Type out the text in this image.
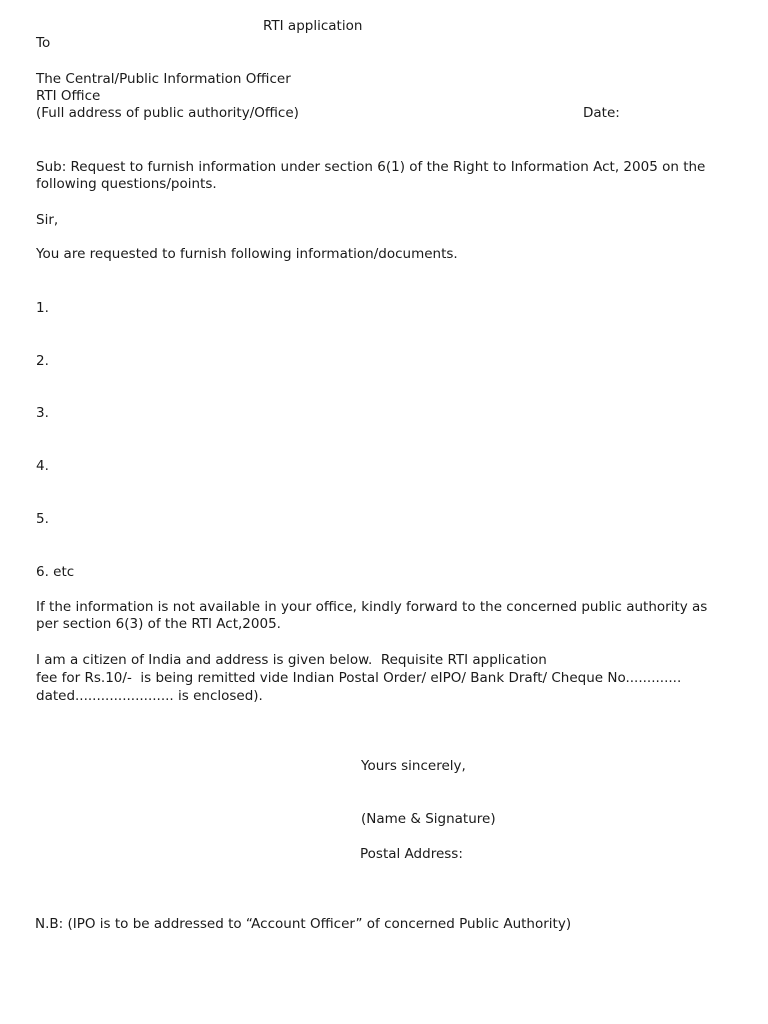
RTI application
To
The Central/Public Information Officer
RTI Office
(Full address of public authority/Office)	Date:
Sub: Request to furnish information under section 6(1) of the Right to Information Act, 2005 on the
following questions/points.
Sir,
You are requested to furnish following information/documents.
1.
2.
3.
4.
5.
6. etc
If the information is not available in your office, kindly forward to the concerned public authority as
per section 6(3) of the RTI Act,2005.
I am a citizen of India and address is given below.  Requisite RTI application
fee for Rs.10/-  is being remitted vide Indian Postal Order/ eIPO/ Bank Draft/ Cheque No.............
dated....................... is enclosed).
Yours sincerely,
(Name & Signature)
Postal Address:
N.B: (IPO is to be addressed to “Account Officer” of concerned Public Authority)
